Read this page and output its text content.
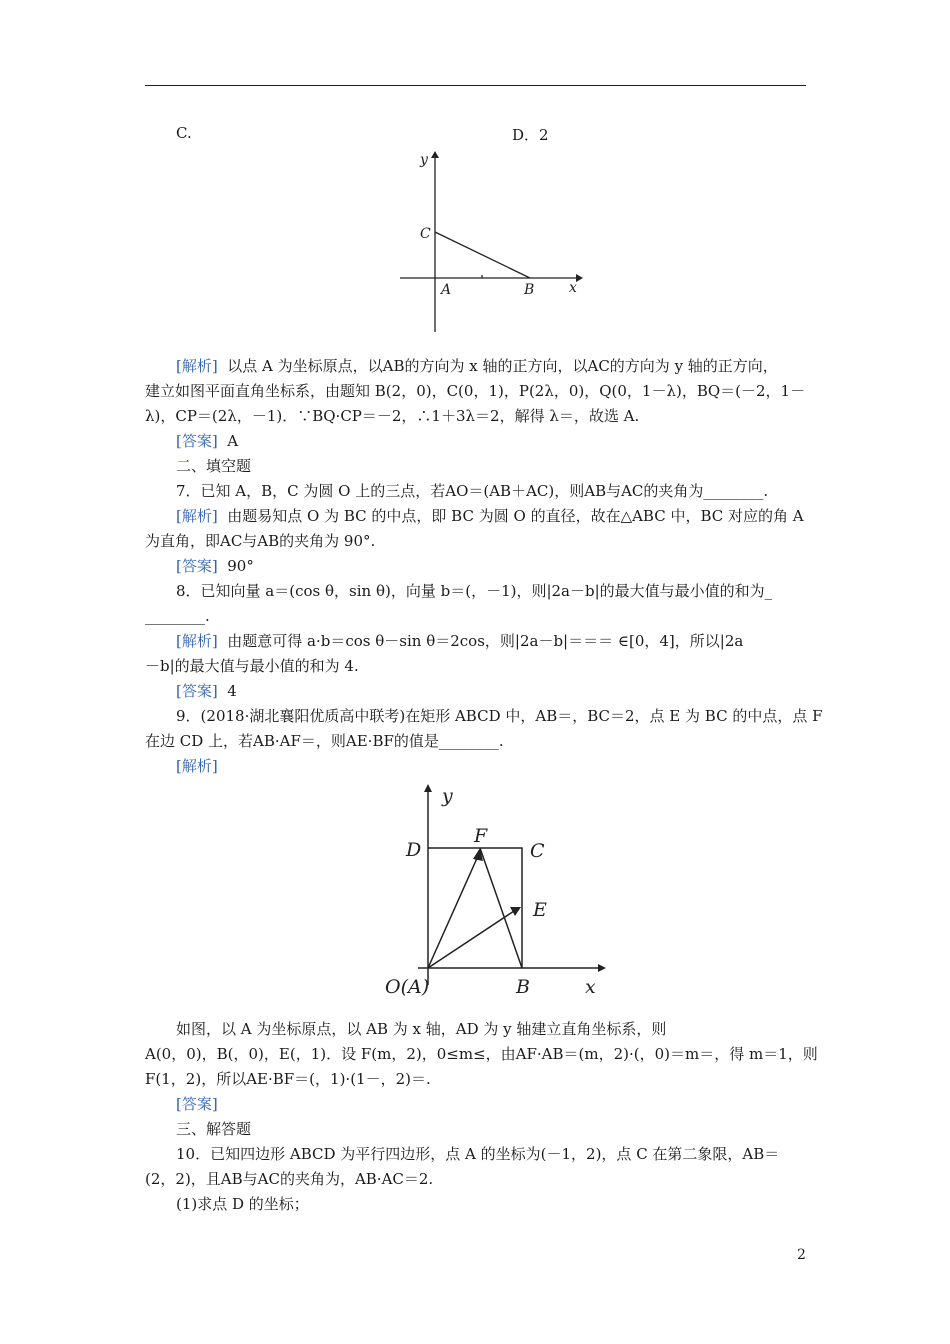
C.	D．2
y
C
A	B x
[解析] 以点 A 为坐标原点，以AB的方向为 x 轴的正方向，以AC的方向为 y 轴的正方向，
建立如图平面直角坐标系，由题知 B(2，0)，C(0，1)，P(2λ，0)，Q(0，1－λ)，BQ＝(－2，1－
λ)，CP＝(2λ，－1)．∵BQ·CP＝－2，∴1＋3λ＝2，解得 λ＝，故选 A.
[答案] A
二、填空题
7．已知 A，B，C 为圆 O 上的三点，若AO＝(AB＋AC)，则AB与AC的夹角为________.
[解析] 由题易知点 O 为 BC 的中点，即 BC 为圆 O 的直径，故在△ABC 中，BC 对应的角 A
为直角，即AC与AB的夹角为 90°.
[答案] 90°
8．已知向量 a＝(cos θ，sin θ)，向量 b＝(，－1)，则|2a－b|的最大值与最小值的和为_
________.
[解析] 由题意可得 a·b＝cos θ－sin θ＝2cos，则|2a－b|＝＝＝ ∈[0，4]，所以|2a
－b|的最大值与最小值的和为 4.
[答案] 4
9．(2018·湖北襄阳优质高中联考)在矩形 ABCD 中，AB＝，BC＝2，点 E 为 BC 的中点，点 F
在边 CD 上，若AB·AF＝，则AE·BF的值是________.
[解析]
y
D
F
C
E
O(A)	B	x
如图，以 A 为坐标原点，以 AB 为 x 轴，AD 为 y 轴建立直角坐标系，则
A(0，0)，B(，0)，E(，1)．设 F(m，2)，0≤m≤，由AF·AB＝(m，2)·(，0)＝m＝，得 m＝1，则
F(1，2)，所以AE·BF＝(，1)·(1－，2)＝.
[答案]
三、解答题
10．已知四边形 ABCD 为平行四边形，点 A 的坐标为(－1，2)，点 C 在第二象限，AB＝
(2，2)，且AB与AC的夹角为，AB·AC＝2.
(1)求点 D 的坐标；
2
